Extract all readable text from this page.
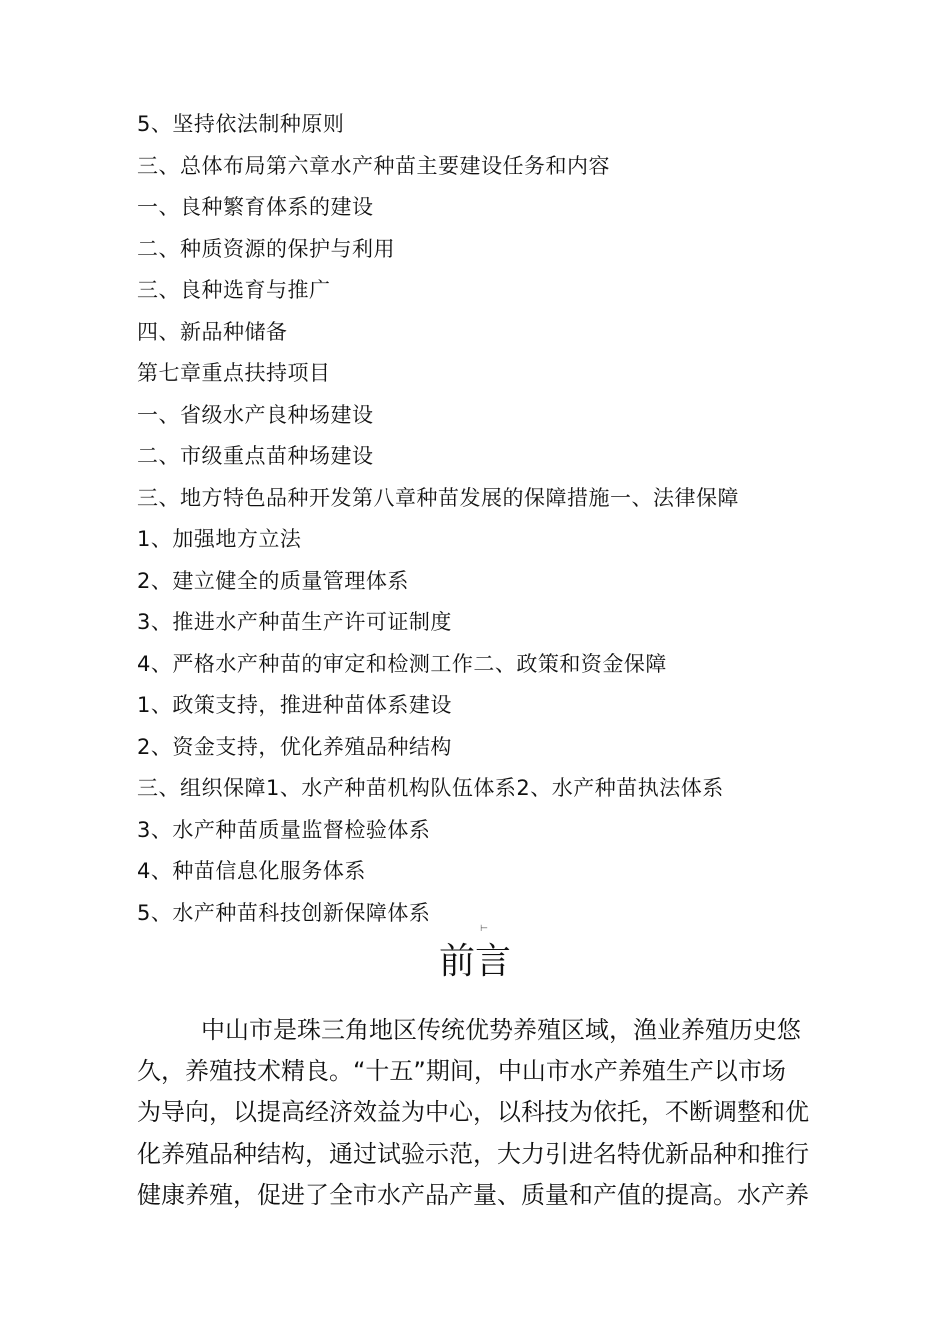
5、坚持依法制种原则
三、总体布局第六章水产种苗主要建设任务和内容
一、良种繁育体系的建设
二、种质资源的保护与利用
三、良种选育与推广
四、新品种储备
第七章重点扶持项目
一、省级水产良种场建设
二、市级重点苗种场建设
三、地方特色品种开发第八章种苗发展的保障措施一、法律保障
1、加强地方立法
2、建立健全的质量管理体系
3、推进水产种苗生产许可证制度
4、严格水产种苗的审定和检测工作二、政策和资金保障
1、政策支持，推进种苗体系建设
2、资金支持，优化养殖品种结构
三、组织保障1、水产种苗机构队伍体系2、水产种苗执法体系
3、水产种苗质量监督检验体系
4、种苗信息化服务体系
5、水产种苗科技创新保障体系
⊢
前言

中山市是珠三角地区传统优势养殖区域，渔业养殖历史悠
久，养殖技术精良。“十五”期间，中山市水产养殖生产以市场
为导向，以提高经济效益为中心，以科技为依托，不断调整和优
化养殖品种结构，通过试验示范，大力引进名特优新品种和推行
健康养殖，促进了全市水产品产量、质量和产值的提高。水产养
